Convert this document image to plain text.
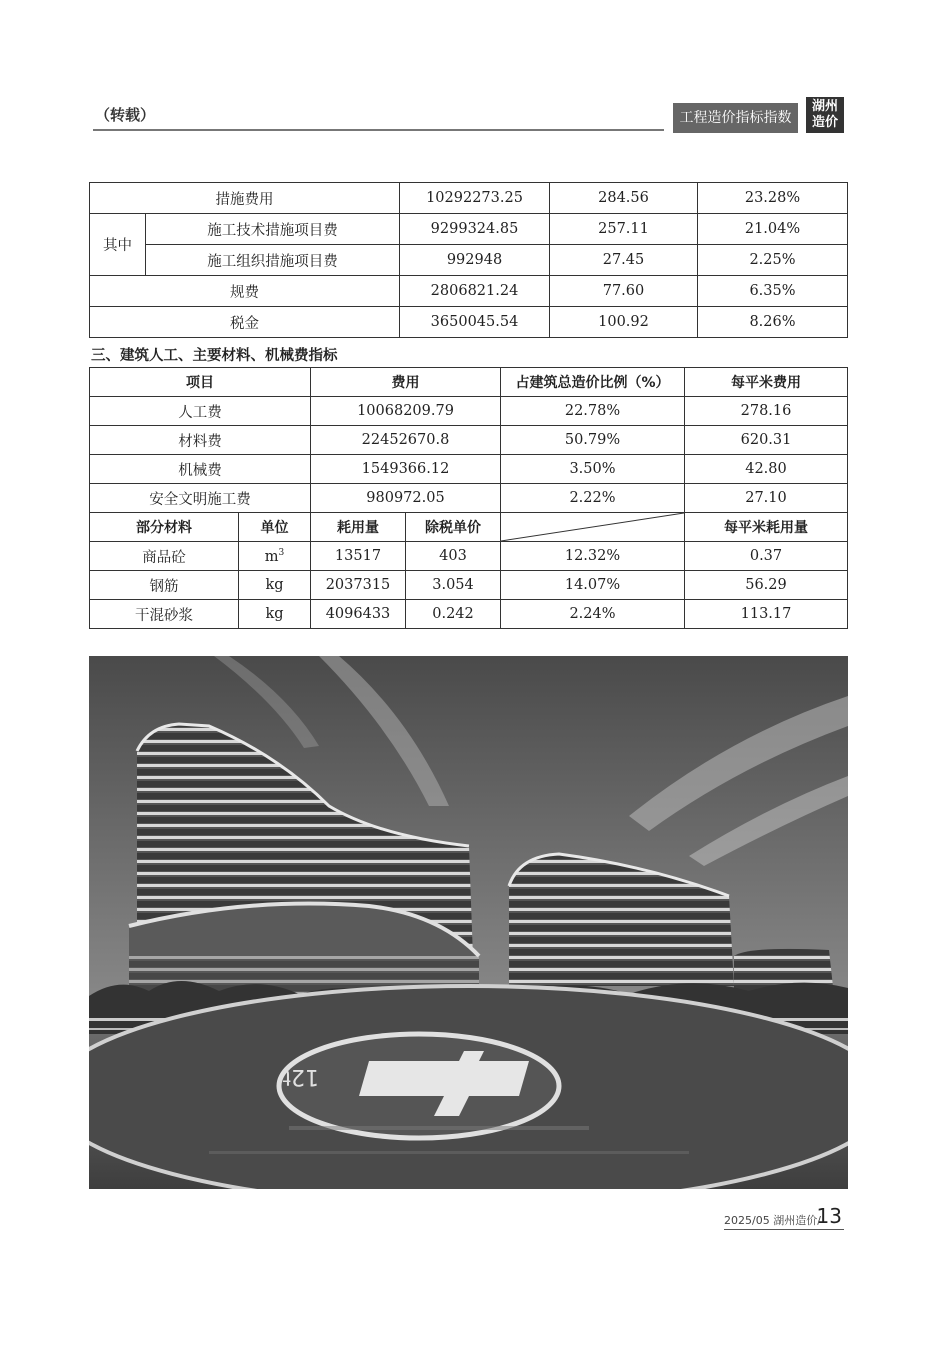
（转载）	工程造价指标指数
湖州
造价
措施费用		10292273.25	284.56	23.28%
其中	施工技术措施项目费	9299324.85	257.11	21.04%
	施工组织措施项目费	992948	27.45	2.25%
规费		2806821.24	77.60	6.35%
税金		3650045.54	100.92	8.26%
三、建筑人工、主要材料、机械费指标
项目		费用		占建筑总造价比例（%）	每平米费用
人工费		10068209.79		22.78%	278.16
材料费		22452670.8		50.79%	620.31
机械费		1549366.12		3.50%	42.80
安全文明施工费		980972.05		2.22%	27.10
部分材料	单位	耗用量	除税单价		每平米耗用量
商品砼	$m^3$	13517	403	12.32%	0.37
钢筋	kg	2037315	3.054	14.07%	56.29
干混砂浆	kg	4096433	0.242	2.24%	113.17
12t
2025/05 湖州造价/
13
